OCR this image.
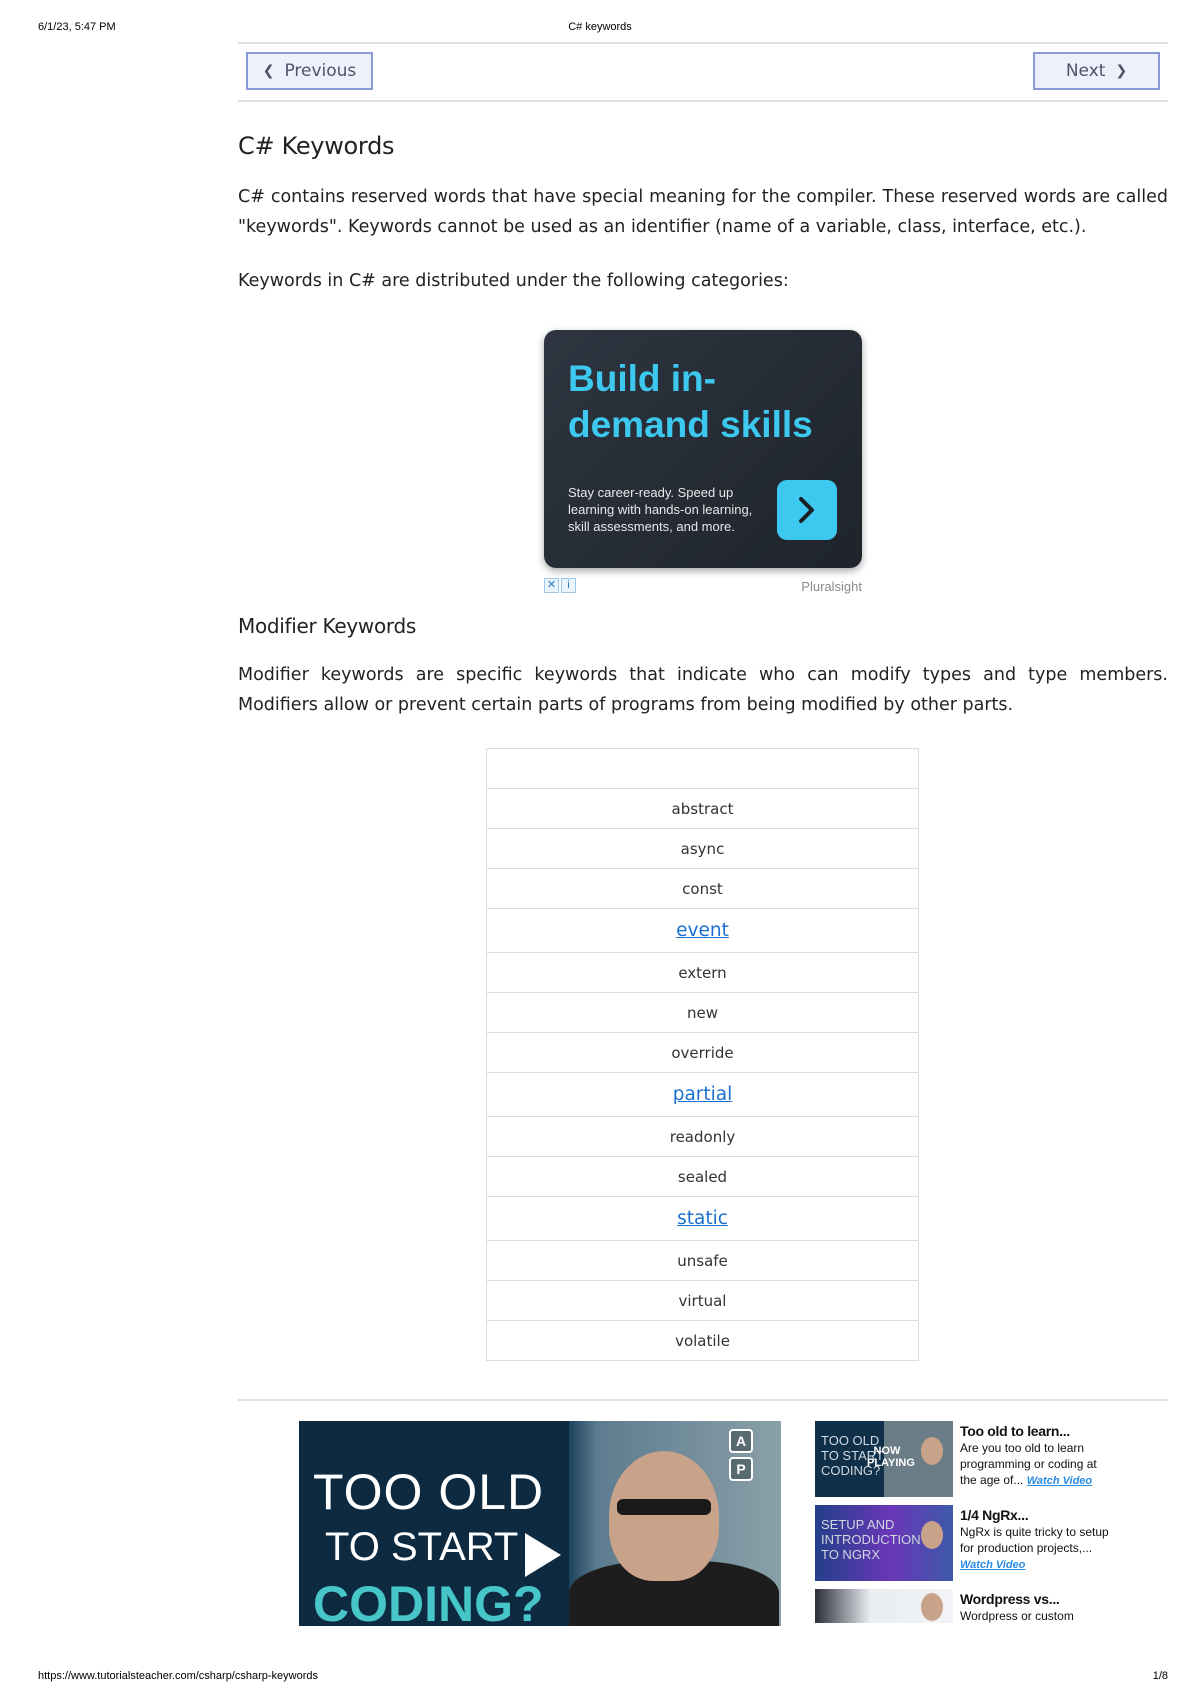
6/1/23, 5:47 PM	C# keywords
❮ Previous	Next ❯
C# Keywords

C# contains reserved words that have special meaning for the compiler. These reserved words are called "keywords". Keywords cannot be used as an identifier (name of a variable, class, interface, etc.).

Keywords in C# are distributed under the following categories:

Build in-demand skills
Stay career-ready. Speed up learning with hands-on learning, skill assessments, and more.
✕	i	Pluralsight
Modifier Keywords

Modifier keywords are specific keywords that indicate who can modify types and type members. Modifiers allow or prevent certain parts of programs from being modified by other parts.

abstract
async
const
event
extern
new
override
partial
readonly
sealed
static
unsafe
virtual
volatile
TOO OLD
TO START
CODING?
A
P
TOO OLD TO START CODING?
NOW PLAYING
Too old to learn...
Are you too old to learn programming or coding at the age of... Watch Video
SETUP AND INTRODUCTION TO NGRX
1/4 NgRx...
NgRx is quite tricky to setup for production projects,... Watch Video
Wordpress vs...
Wordpress or custom
https://www.tutorialsteacher.com/csharp/csharp-keywords	1/8
